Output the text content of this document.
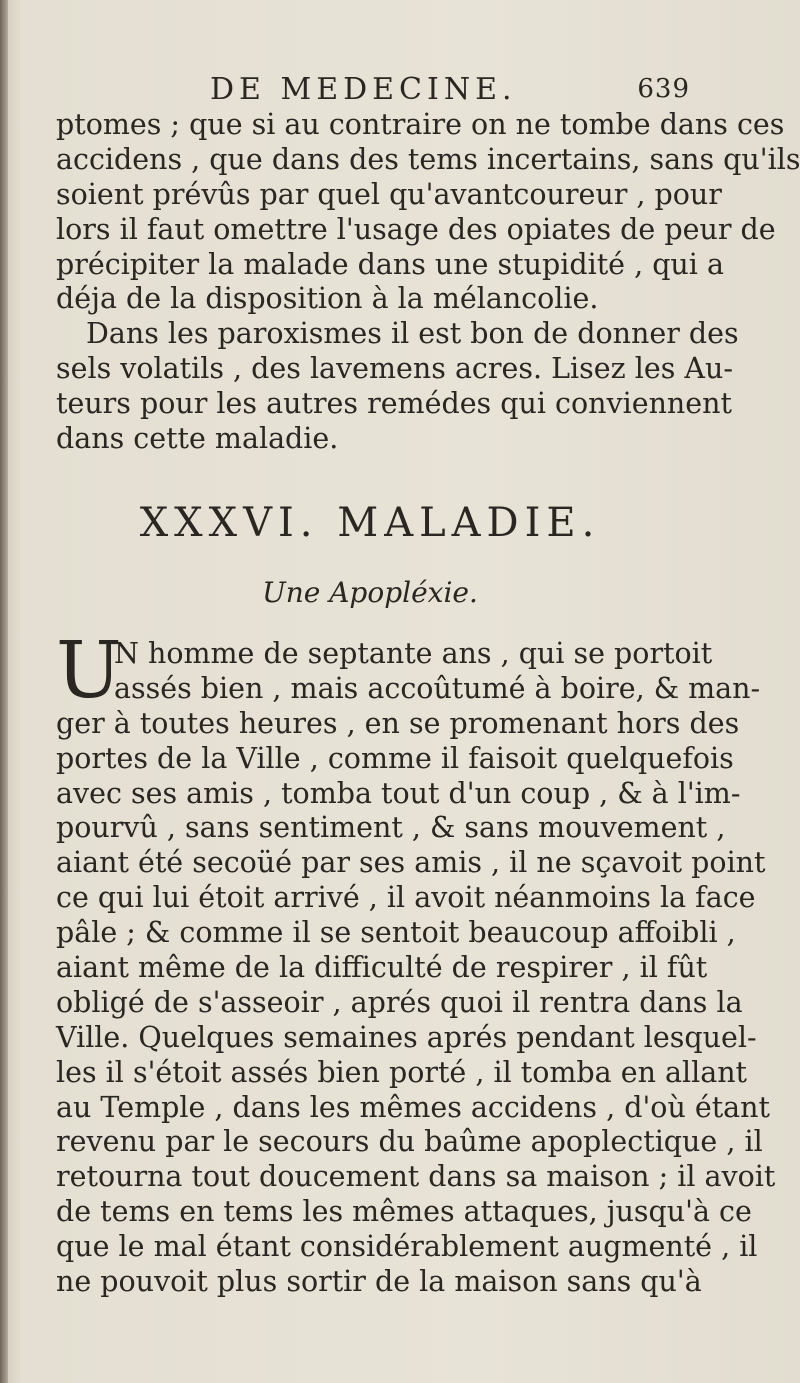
DE MEDECINE.	639
ptomes ; que si au contraire on ne tombe dans ces
accidens , que dans des tems incertains, sans qu'ils
soient prévûs par quel qu'avantcoureur , pour
lors il faut omettre l'usage des opiates de peur de
précipiter la malade dans une stupidité , qui a
déja de la disposition à la mélancolie.
Dans les paroxismes il est bon de donner des
sels volatils , des lavemens acres. Lisez les Au-
teurs pour les autres remédes qui conviennent
dans cette maladie.
XXXVI. MALADIE.
Une Apopléxie.
U
N homme de septante ans , qui se portoit
assés bien , mais accoûtumé à boire, & man-
ger à toutes heures , en se promenant hors des
portes de la Ville , comme il faisoit quelquefois
avec ses amis , tomba tout d'un coup , & à l'im-
pourvû , sans sentiment , & sans mouvement ,
aiant été secoüé par ses amis , il ne sçavoit point
ce qui lui étoit arrivé , il avoit néanmoins la face
pâle ; & comme il se sentoit beaucoup affoibli ,
aiant même de la difficulté de respirer , il fût
obligé de s'asseoir , aprés quoi il rentra dans la
Ville. Quelques semaines aprés pendant lesquel-
les il s'étoit assés bien porté , il tomba en allant
au Temple , dans les mêmes accidens , d'où étant
revenu par le secours du baûme apoplectique , il
retourna tout doucement dans sa maison ; il avoit
de tems en tems les mêmes attaques, jusqu'à ce
que le mal étant considérablement augmenté , il
ne pouvoit plus sortir de la maison sans qu'à
